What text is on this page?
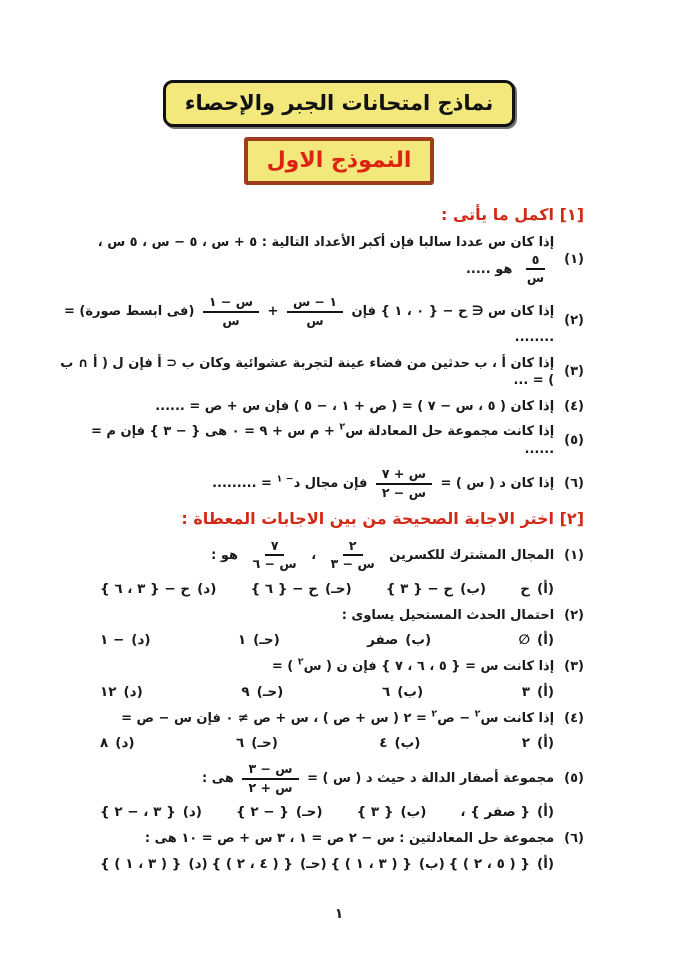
نماذج امتحانات الجبر والإحصاء
النموذج الاول
[١] اكمل ما يأتى :
(١)
إذا كان س عددا سالبا فإن أكبر الأعداد التالية : ٥ + س ، ٥ − س ، ٥ س ،
$\frac{٥}{\text{س}}$
هو .....
(٢)
إذا كان س ∈ ح − { ٠ ، ١ } فإن
$\frac{\text{١ − س}}{\text{س}}$
+
$\frac{\text{س − ١}}{\text{س}}$
(فى ابسط صورة) = ........
(٣)
إذا كان أ ، ب حدثين من فضاء عينة لتجربة عشوائية وكان ب ⊂ أ فإن ل ( أ ∩ ب ) = ...
(٤)
إذا كان ( ٥ ، س − ٧ ) = ( ص + ١ ، − ٥ ) فإن س + ص = ......
(٥)
إذا كانت مجموعة حل المعادلة س$^٢$ + م س + ٩ = ٠ هى { − ٣ } فإن م = ......
(٦)
إذا كان د ( س ) =
$\frac{\text{س + ٧}}{\text{س − ٢}}$
فإن مجال د$^{- ١}$ = .........
[٢] اختر الاجابة الصحيحة من بين الاجابات المعطاة :
(١)
المجال المشترك للكسرين
$\frac{٢}{\text{س − ٣}}$
،
$\frac{٧}{\text{س − ٦}}$
هو :
(أ)
ح
(ب)
ح − { ٣ }
(حـ)
ح − { ٦ }
(د)
ح − { ٣ ، ٦ }
(٢)
احتمال الحدث المستحيل يساوى :
(أ)
∅
(ب)
صفر
(حـ)
١
(د)
− ١
(٣)
إذا كانت س = { ٥ ، ٦ ، ٧ } فإن ن ( س$^٢$ ) =
(أ)
٣
(ب)
٦
(حـ)
٩
(د)
١٢
(٤)
إذا كانت س$^٢$ − ص$^٢$ = ٢ ( س + ص ) ، س + ص ≠ ٠ فإن س − ص =
(أ)
٢
(ب)
٤
(حـ)
٦
(د)
٨
(٥)
مجموعة أصفار الدالة د حيث د ( س ) =
$\frac{\text{س − ٣}}{\text{س + ٢}}$
هى :
(أ)
{ صفر } ،
(ب)
{ ٣ }
(حـ)
{ − ٢ }
(د)
{ ٣ ، − ٢ }
(٦)
مجموعة حل المعادلتين : س − ٢ ص = ١ ، ٣ س + ص = ١٠ هى :
(أ)
{ ( ٥ ، ٢ ) }
(ب)
{ ( ٣ ، ١ ) }
(حـ)
{ ( ٤ ، ٢ ) }
(د)
{ ( ٣ ، ١ ) }
١
